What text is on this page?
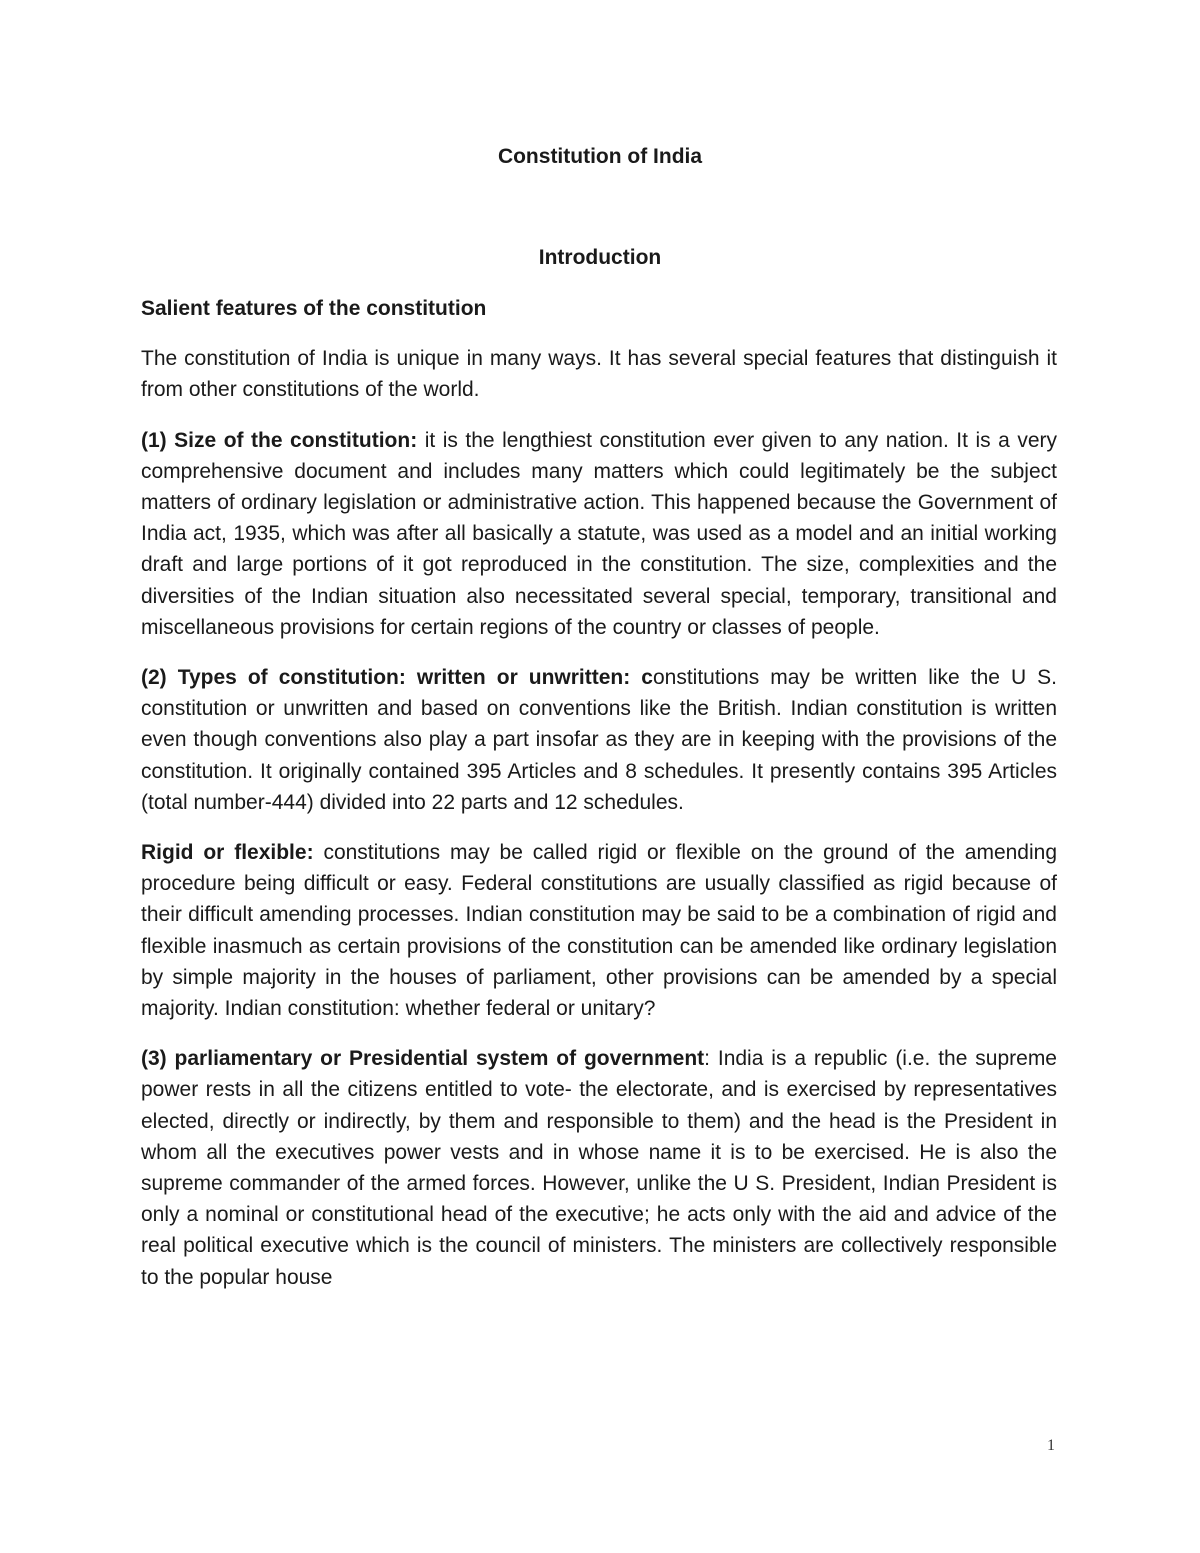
Constitution of India
Introduction

Salient features of the constitution

The constitution of India is unique in many ways. It has several special features that distinguish it from other constitutions of the world.

(1) Size of the constitution: it is the lengthiest constitution ever given to any nation. It is a very comprehensive document and includes many matters which could legitimately be the subject matters of ordinary legislation or administrative action. This happened because the Government of India act, 1935, which was after all basically a statute, was used as a model and an initial working draft and large portions of it got reproduced in the constitution. The size, complexities and the diversities of the Indian situation also necessitated several special, temporary, transitional and miscellaneous provisions for certain regions of the country or classes of people.

(2) Types of constitution: written or unwritten: constitutions may be written like the U S. constitution or unwritten and based on conventions like the British. Indian constitution is written even though conventions also play a part insofar as they are in keeping with the provisions of the constitution. It originally contained 395 Articles and 8 schedules. It presently contains 395 Articles (total number-444) divided into 22 parts and 12 schedules.

Rigid or flexible: constitutions may be called rigid or flexible on the ground of the amending procedure being difficult or easy. Federal constitutions are usually classified as rigid because of their difficult amending processes. Indian constitution may be said to be a combination of rigid and flexible inasmuch as certain provisions of the constitution can be amended like ordinary legislation by simple majority in the houses of parliament, other provisions can be amended by a special majority. Indian constitution: whether federal or unitary?

(3) parliamentary or Presidential system of government: India is a republic (i.e. the supreme power rests in all the citizens entitled to vote- the electorate, and is exercised by representatives elected, directly or indirectly, by them and responsible to them) and the head is the President in whom all the executives power vests and in whose name it is to be exercised. He is also the supreme commander of the armed forces. However, unlike the U S. President, Indian President is only a nominal or constitutional head of the executive; he acts only with the aid and advice of the real political executive which is the council of ministers. The ministers are collectively responsible to the popular house

1
